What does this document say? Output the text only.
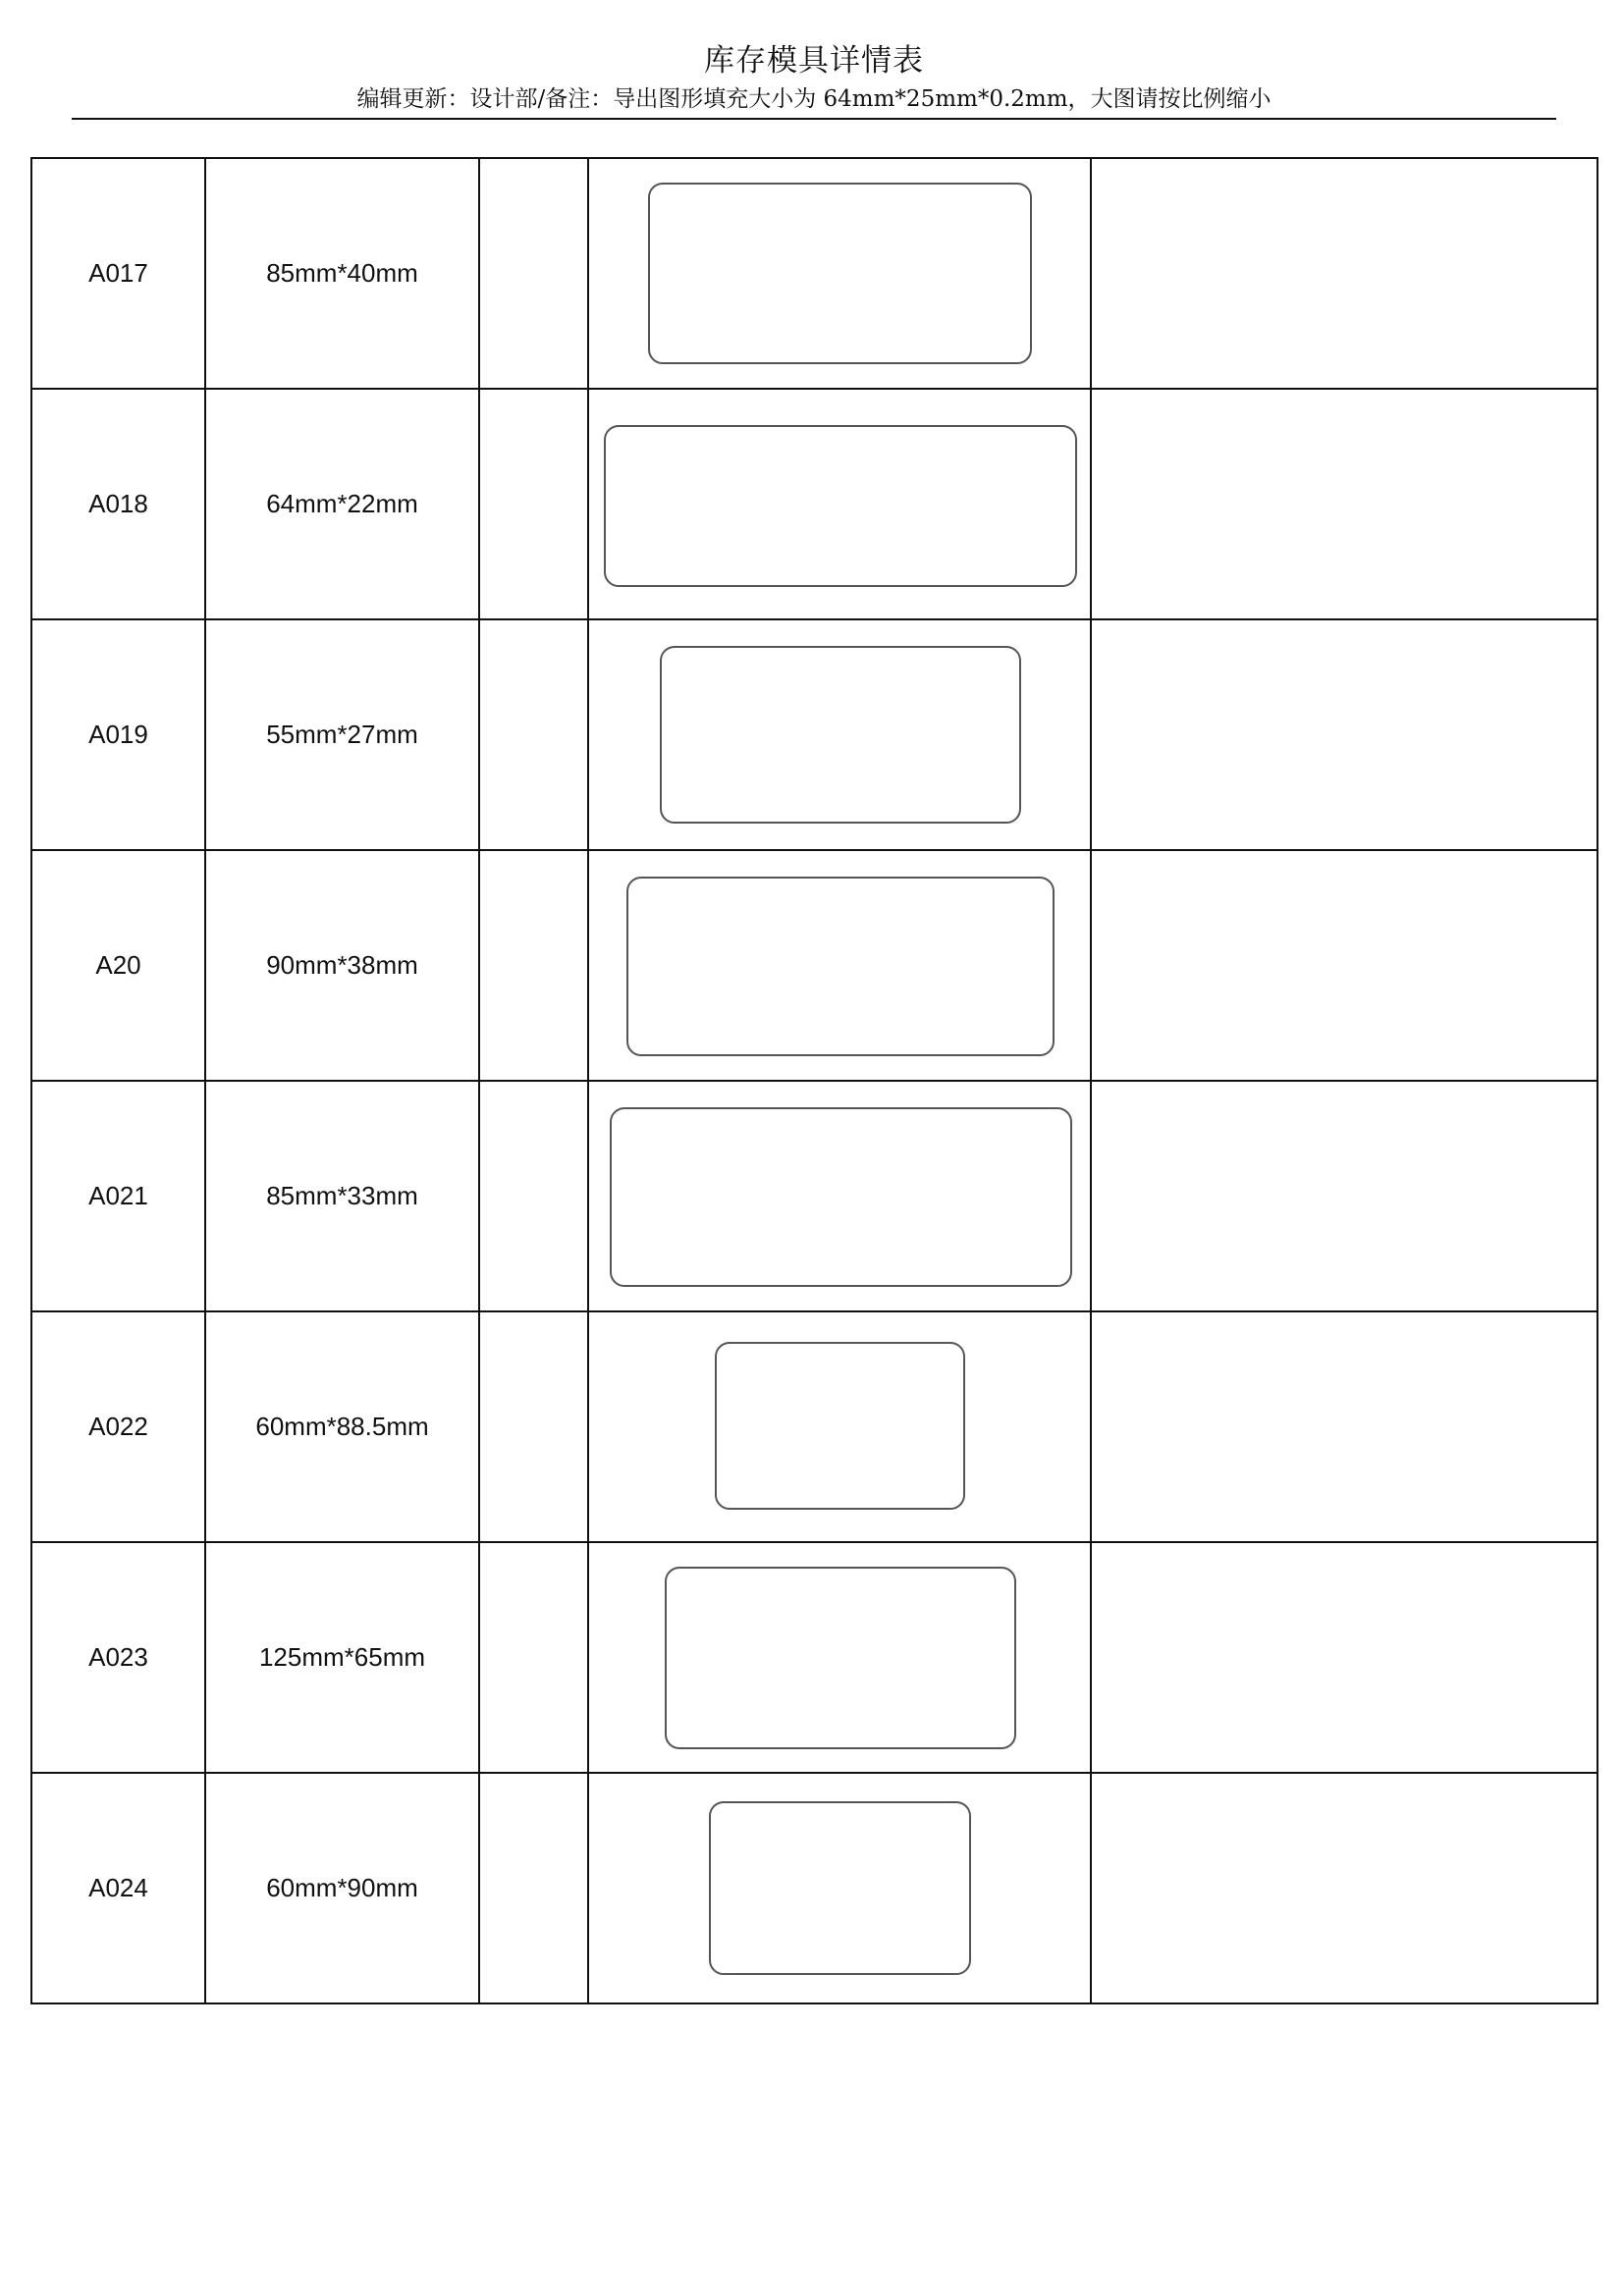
库存模具详情表
编辑更新：设计部/备注：导出图形填充大小为 64mm*25mm*0.2mm，大图请按比例缩小
A017	85mm*40mm		

A018	64mm*22mm		

A019	55mm*27mm		

A20	90mm*38mm		

A021	85mm*33mm		

A022	60mm*88.5mm		

A023	125mm*65mm		

A024	60mm*90mm		
